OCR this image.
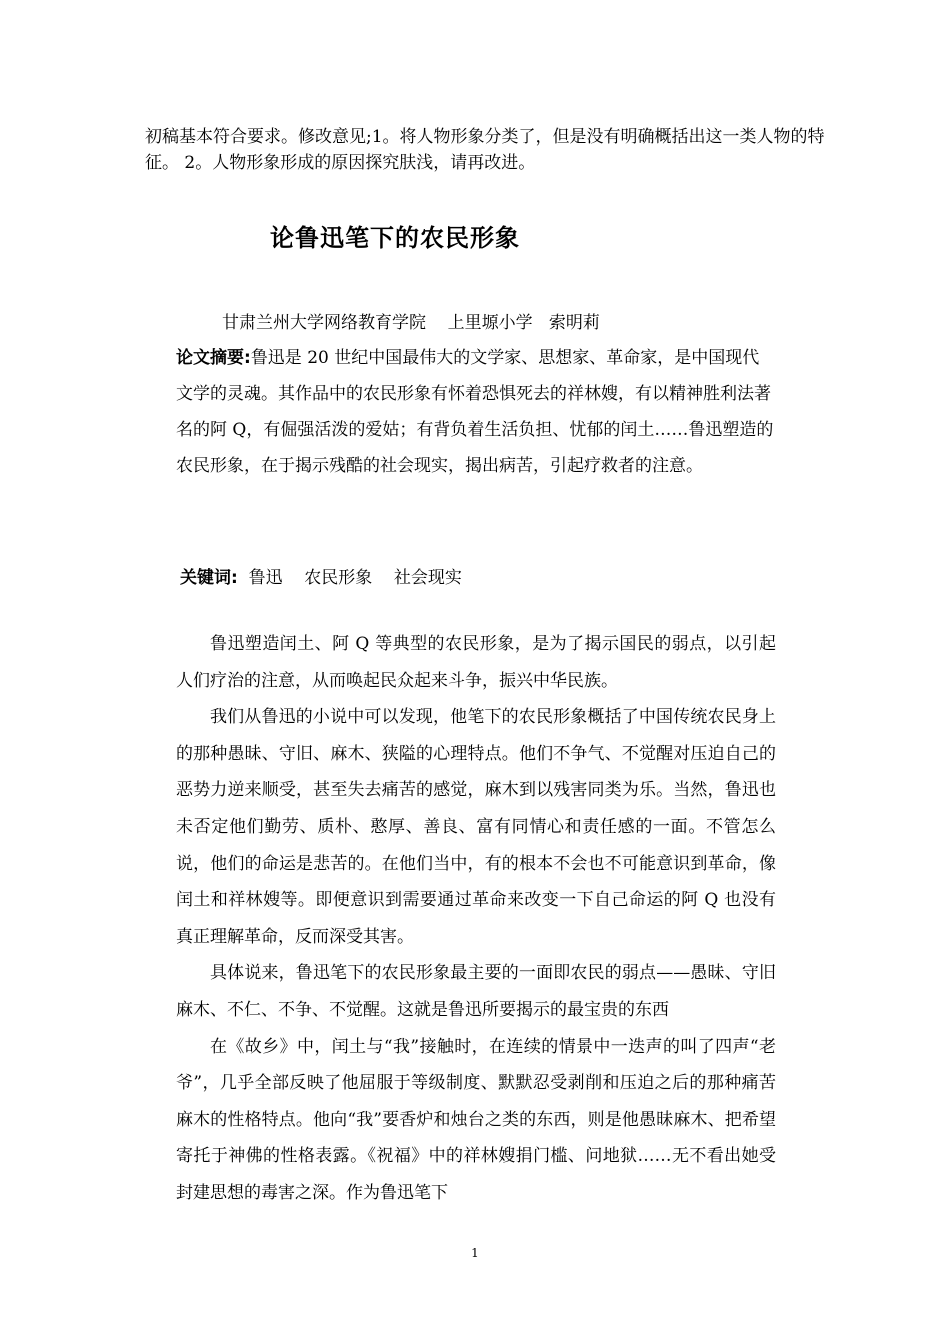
初稿基本符合要求。修改意见;1。将人物形象分类了，但是没有明确概括出这一类人物的特征。 2。人物形象形成的原因探究肤浅，请再改进。
论鲁迅笔下的农民形象
甘肃兰州大学网络教育学院    上里塬小学   索明莉
论文摘要:鲁迅是 20 世纪中国最伟大的文学家、思想家、革命家，是中国现代文学的灵魂。其作品中的农民形象有怀着恐惧死去的祥林嫂，有以精神胜利法著名的阿 Q，有倔强活泼的爱姑；有背负着生活负担、忧郁的闰土……鲁迅塑造的农民形象，在于揭示残酷的社会现实，揭出病苦，引起疗救者的注意。
关键词:  鲁迅    农民形象    社会现实

鲁迅塑造闰土、阿 Q 等典型的农民形象，是为了揭示国民的弱点，以引起人们疗治的注意，从而唤起民众起来斗争，振兴中华民族。

我们从鲁迅的小说中可以发现，他笔下的农民形象概括了中国传统农民身上的那种愚昧、守旧、麻木、狭隘的心理特点。他们不争气、不觉醒对压迫自己的恶势力逆来顺受，甚至失去痛苦的感觉，麻木到以残害同类为乐。当然，鲁迅也未否定他们勤劳、质朴、憨厚、善良、富有同情心和责任感的一面。不管怎么说，他们的命运是悲苦的。在他们当中，有的根本不会也不可能意识到革命，像闰土和祥林嫂等。即便意识到需要通过革命来改变一下自己命运的阿 Q 也没有真正理解革命，反而深受其害。

具体说来，鲁迅笔下的农民形象最主要的一面即农民的弱点——愚昧、守旧麻木、不仁、不争、不觉醒。这就是鲁迅所要揭示的最宝贵的东西

在《故乡》中，闰土与“我”接触时，在连续的情景中一迭声的叫了四声“老爷”，几乎全部反映了他屈服于等级制度、默默忍受剥削和压迫之后的那种痛苦麻木的性格特点。他向“我”要香炉和烛台之类的东西，则是他愚昧麻木、把希望寄托于神佛的性格表露。《祝福》中的祥林嫂捐门槛、问地狱……无不看出她受封建思想的毒害之深。作为鲁迅笔下

1
